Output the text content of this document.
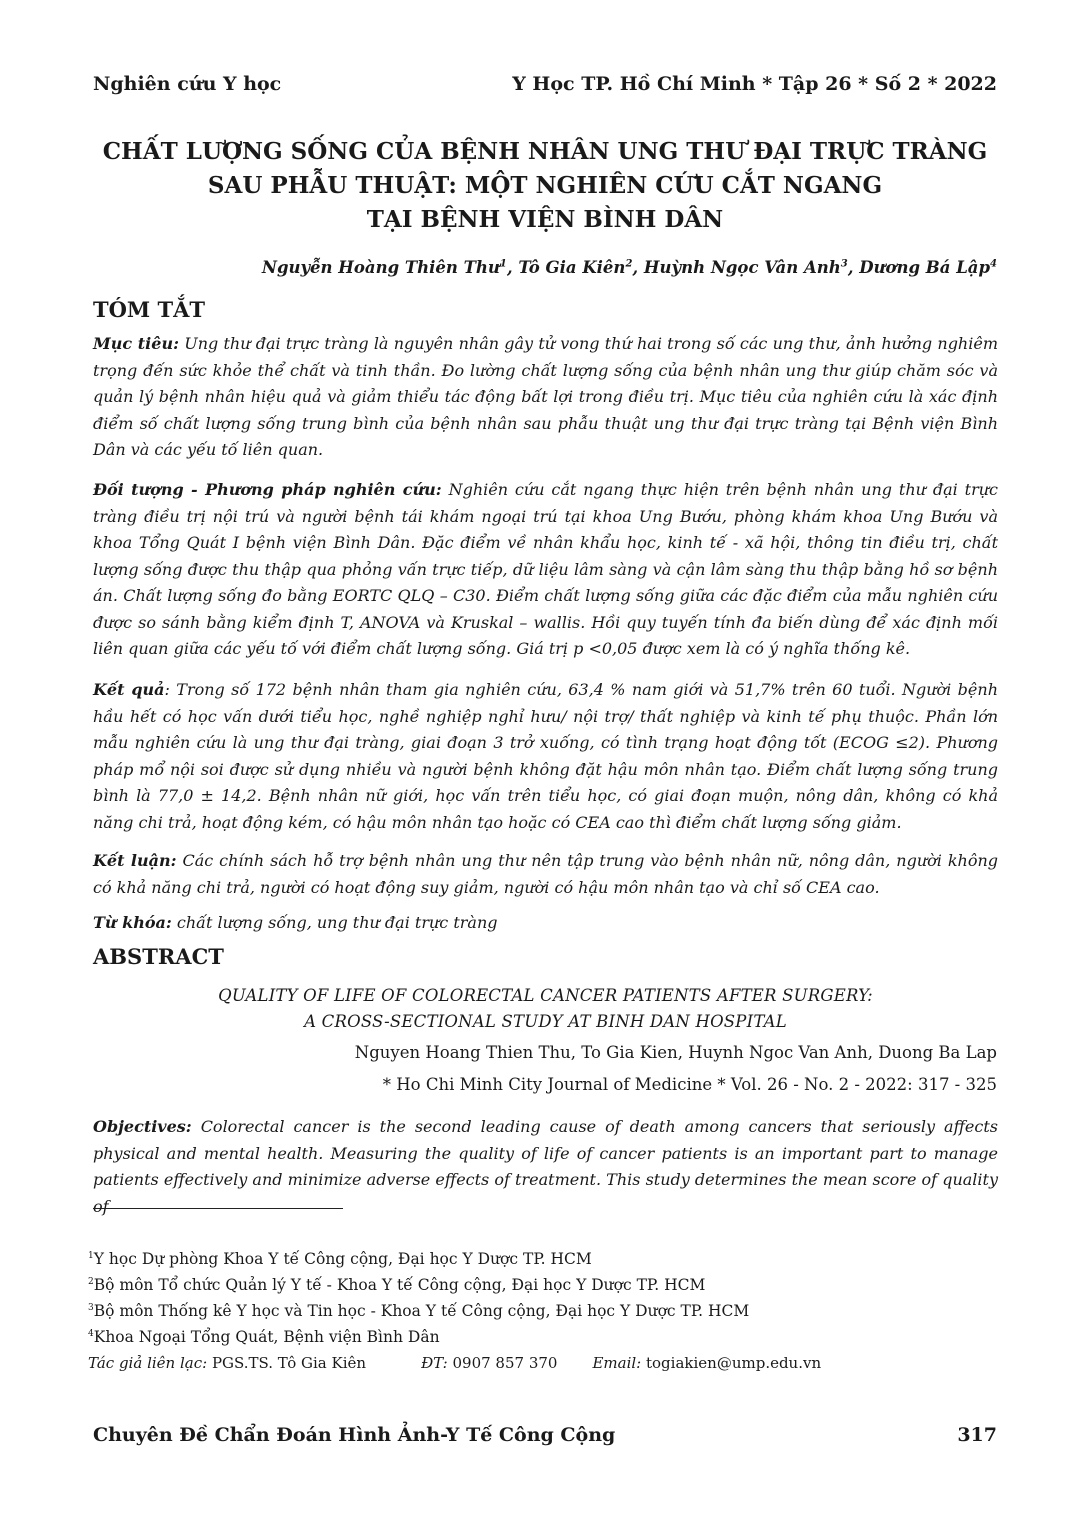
Nghiên cứu Y học	Y Học TP. Hồ Chí Minh * Tập 26 * Số 2 * 2022
CHẤT LƯỢNG SỐNG CỦA BỆNH NHÂN UNG THƯ ĐẠI TRỰC TRÀNG
SAU PHẪU THUẬT: MỘT NGHIÊN CỨU CẮT NGANG
TẠI BỆNH VIỆN BÌNH DÂN
Nguyễn Hoàng Thiên Thư$^1$, Tô Gia Kiên$^2$, Huỳnh Ngọc Vân Anh$^3$, Dương Bá Lập$^4$
TÓM TẮT
Mục tiêu: Ung thư đại trực tràng là nguyên nhân gây tử vong thứ hai trong số các ung thư, ảnh hưởng nghiêm trọng đến sức khỏe thể chất và tinh thần. Đo lường chất lượng sống của bệnh nhân ung thư giúp chăm sóc và quản lý bệnh nhân hiệu quả và giảm thiểu tác động bất lợi trong điều trị. Mục tiêu của nghiên cứu là xác định điểm số chất lượng sống trung bình của bệnh nhân sau phẫu thuật ung thư đại trực tràng tại Bệnh viện Bình Dân và các yếu tố liên quan.
Đối tượng - Phương pháp nghiên cứu: Nghiên cứu cắt ngang thực hiện trên bệnh nhân ung thư đại trực tràng điều trị nội trú và người bệnh tái khám ngoại trú tại khoa Ung Bướu, phòng khám khoa Ung Bướu và khoa Tổng Quát I bệnh viện Bình Dân. Đặc điểm về nhân khẩu học, kinh tế - xã hội, thông tin điều trị, chất lượng sống được thu thập qua phỏng vấn trực tiếp, dữ liệu lâm sàng và cận lâm sàng thu thập bằng hồ sơ bệnh án. Chất lượng sống đo bằng EORTC QLQ – C30. Điểm chất lượng sống giữa các đặc điểm của mẫu nghiên cứu được so sánh bằng kiểm định T, ANOVA và Kruskal – wallis. Hồi quy tuyến tính đa biến dùng để xác định mối liên quan giữa các yếu tố với điểm chất lượng sống. Giá trị p <0,05 được xem là có ý nghĩa thống kê.
Kết quả: Trong số 172 bệnh nhân tham gia nghiên cứu, 63,4 % nam giới và 51,7% trên 60 tuổi. Người bệnh hầu hết có học vấn dưới tiểu học, nghề nghiệp nghỉ hưu/ nội trợ/ thất nghiệp và kinh tế phụ thuộc. Phần lớn mẫu nghiên cứu là ung thư đại tràng, giai đoạn 3 trở xuống, có tình trạng hoạt động tốt (ECOG ≤2). Phương pháp mổ nội soi được sử dụng nhiều và người bệnh không đặt hậu môn nhân tạo. Điểm chất lượng sống trung bình là 77,0 ± 14,2. Bệnh nhân nữ giới, học vấn trên tiểu học, có giai đoạn muộn, nông dân, không có khả năng chi trả, hoạt động kém, có hậu môn nhân tạo hoặc có CEA cao thì điểm chất lượng sống giảm.
Kết luận: Các chính sách hỗ trợ bệnh nhân ung thư nên tập trung vào bệnh nhân nữ, nông dân, người không có khả năng chi trả, người có hoạt động suy giảm, người có hậu môn nhân tạo và chỉ số CEA cao.
Từ khóa: chất lượng sống, ung thư đại trực tràng
ABSTRACT
QUALITY OF LIFE OF COLORECTAL CANCER PATIENTS AFTER SURGERY:
A CROSS-SECTIONAL STUDY AT BINH DAN HOSPITAL
Nguyen Hoang Thien Thu, To Gia Kien, Huynh Ngoc Van Anh, Duong Ba Lap
* Ho Chi Minh City Journal of Medicine * Vol. 26 - No. 2 - 2022: 317 - 325
Objectives: Colorectal cancer is the second leading cause of death among cancers that seriously affects physical and mental health. Measuring the quality of life of cancer patients is an important part to manage patients effectively and minimize adverse effects of treatment. This study determines the mean score of quality of
$^1$Y học Dự phòng Khoa Y tế Công cộng, Đại học Y Dược TP. HCM
$^2$Bộ môn Tổ chức Quản lý Y tế - Khoa Y tế Công cộng, Đại học Y Dược TP. HCM
$^3$Bộ môn Thống kê Y học và Tin học - Khoa Y tế Công cộng, Đại học Y Dược TP. HCM
$^4$Khoa Ngoại Tổng Quát, Bệnh viện Bình Dân
Tác giả liên lạc: PGS.TS. Tô Gia Kiên	ĐT: 0907 857 370 Email: togiakien@ump.edu.vn
Chuyên Đề Chẩn Đoán Hình Ảnh-Y Tế Công Cộng	317
